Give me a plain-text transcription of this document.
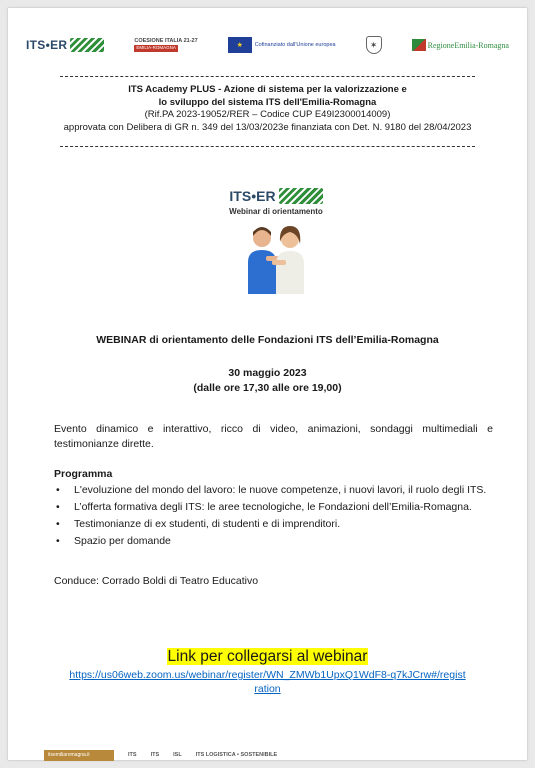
ITS•ER	COESIONE ITALIA 21-27
EMILIA-ROMAGNA	★	Cofinanziato dall'Unione europea	✶	RegioneEmilia-Romagna
ITS Academy PLUS - Azione di sistema per la valorizzazione e
lo sviluppo del sistema ITS dell'Emilia-Romagna
(Rif.PA 2023-19052/RER – Codice CUP E49I2300014009)
approvata con Delibera di GR n. 349 del 13/03/2023e finanziata con Det. N. 9180 del 28/04/2023
ITS•ER
Webinar di orientamento
WEBINAR di orientamento delle Fondazioni ITS dell’Emilia-Romagna
30 maggio 2023
(dalle ore 17,30 alle ore 19,00)
Evento dinamico e interattivo, ricco di video, animazioni, sondaggi multimediali e testimonianze dirette.
Programma
• L'evoluzione del mondo del lavoro: le nuove competenze, i nuovi lavori, il ruolo degli ITS.
• L’offerta formativa degli ITS: le aree tecnologiche, le Fondazioni dell’Emilia-Romagna.
• Testimonianze di ex studenti, di studenti e di imprenditori.
• Spazio per domande
Conduce: Corrado Boldi di Teatro Educativo
Link per collegarsi al webinar
https://us06web.zoom.us/webinar/register/WN_ZMWb1UpxQ1WdF8-q7kJCrw#/registration
itsemiliaromagna.it	ITS	ITS	ISL	ITS LOGISTICA • SOSTENIBILE
